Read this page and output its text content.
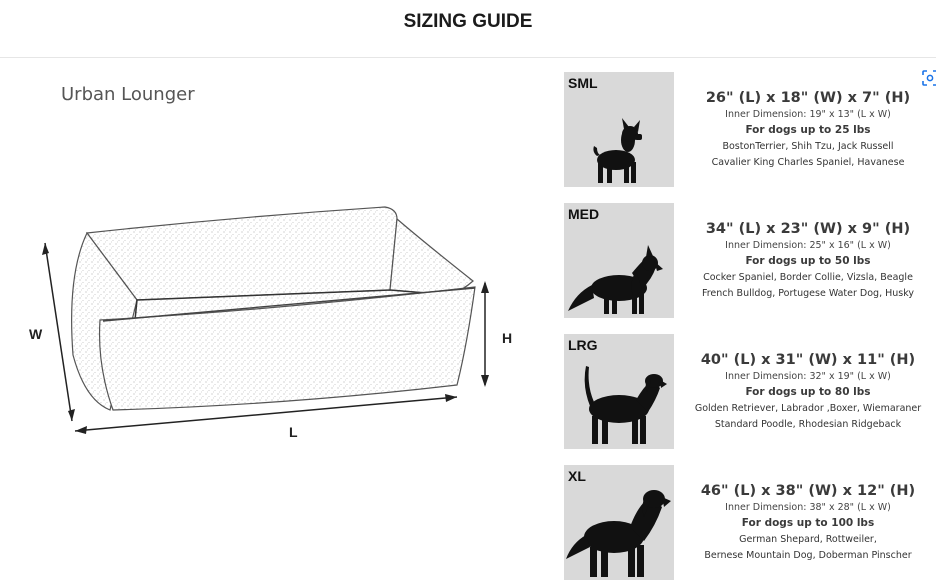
SIZING GUIDE
Urban Lounger
W	H
L
SML
26" (L) x 18" (W) x 7" (H)
Inner Dimension: 19" x 13" (L x W)
For dogs up to 25 lbs
BostonTerrier, Shih Tzu, Jack Russell
Cavalier King Charles Spaniel, Havanese
MED
34" (L) x 23" (W) x 9" (H)
Inner Dimension: 25" x 16" (L x W)
For dogs up to 50 lbs
Cocker Spaniel, Border Collie, Vizsla, Beagle
French Bulldog, Portugese Water Dog, Husky
LRG
40" (L) x 31" (W) x 11" (H)
Inner Dimension: 32" x 19" (L x W)
For dogs up to 80 lbs
Golden Retriever, Labrador ,Boxer, Wiemaraner
Standard Poodle, Rhodesian Ridgeback
XL
46" (L) x 38" (W) x 12" (H)
Inner Dimension: 38" x 28" (L x W)
For dogs up to 100 lbs
German Shepard, Rottweiler,
Bernese Mountain Dog, Doberman Pinscher
